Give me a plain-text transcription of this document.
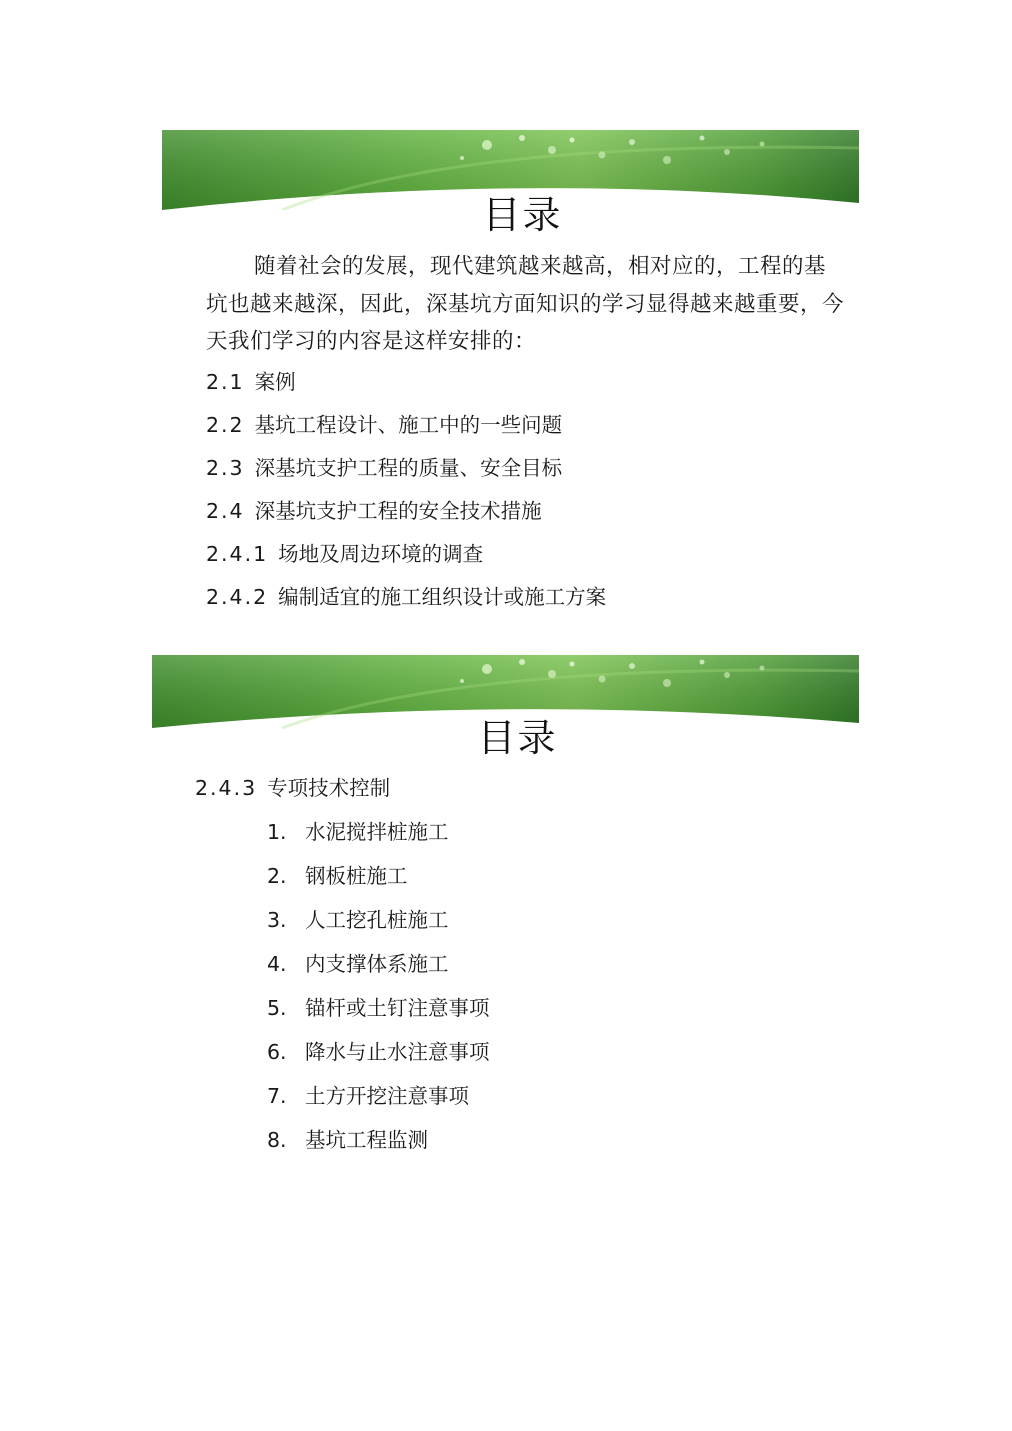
目录

随着社会的发展，现代建筑越来越高，相对应的，工程的基坑也越来越深，因此，深基坑方面知识的学习显得越来越重要，今天我们学习的内容是这样安排的：

2.1 案例
2.2 基坑工程设计、施工中的一些问题
2.3 深基坑支护工程的质量、安全目标
2.4 深基坑支护工程的安全技术措施
2.4.1 场地及周边环境的调查
2.4.2 编制适宜的施工组织设计或施工方案
目录
2.4.3 专项技术控制
1. 水泥搅拌桩施工
2. 钢板桩施工
3. 人工挖孔桩施工
4. 内支撑体系施工
5. 锚杆或土钉注意事项
6. 降水与止水注意事项
7. 土方开挖注意事项
8. 基坑工程监测
